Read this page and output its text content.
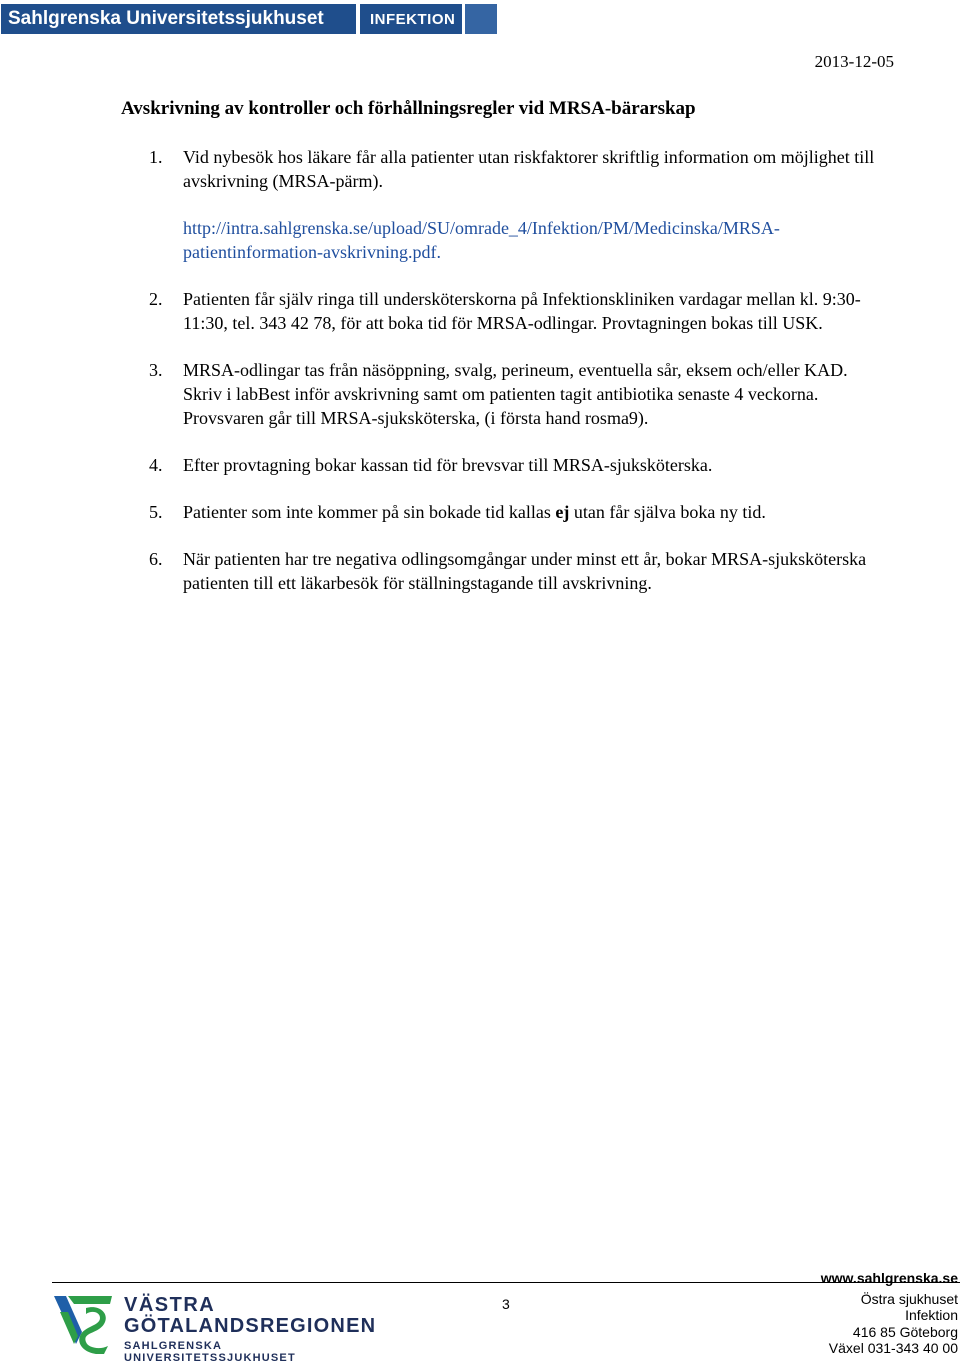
Sahlgrenska Universitetssjukhuset	INFEKTION
2013-12-05
Avskrivning av kontroller och förhållningsregler vid MRSA-bärarskap
1. Vid nybesök hos läkare får alla patienter utan riskfaktorer skriftlig information om möjlighet till avskrivning (MRSA-pärm).
http://intra.sahlgrenska.se/upload/SU/omrade_4/Infektion/PM/Medicinska/MRSA-patientinformation-avskrivning.pdf.
2. Patienten får själv ringa till undersköterskorna på Infektionskliniken vardagar mellan kl. 9:30-11:30, tel. 343 42 78, för att boka tid för MRSA-odlingar. Provtagningen bokas till USK.
3. MRSA-odlingar tas från näsöppning, svalg, perineum, eventuella sår, eksem och/eller KAD. Skriv i labBest inför avskrivning samt om patienten tagit antibiotika senaste 4 veckorna. Provsvaren går till MRSA-sjuksköterska, (i första hand rosma9).
4. Efter provtagning bokar kassan tid för brevsvar till MRSA-sjuksköterska.
5. Patienter som inte kommer på sin bokade tid kallas ej utan får själva boka ny tid.
6. När patienten har tre negativa odlingsomgångar under minst ett år, bokar MRSA-sjuksköterska patienten till ett läkarbesök för ställningstagande till avskrivning.
VÄSTRA
GÖTALANDSREGIONEN
SAHLGRENSKA UNIVERSITETSSJUKHUSET
3
www.sahlgrenska.se
Östra sjukhuset
Infektion
416 85 Göteborg
Växel 031-343 40 00
